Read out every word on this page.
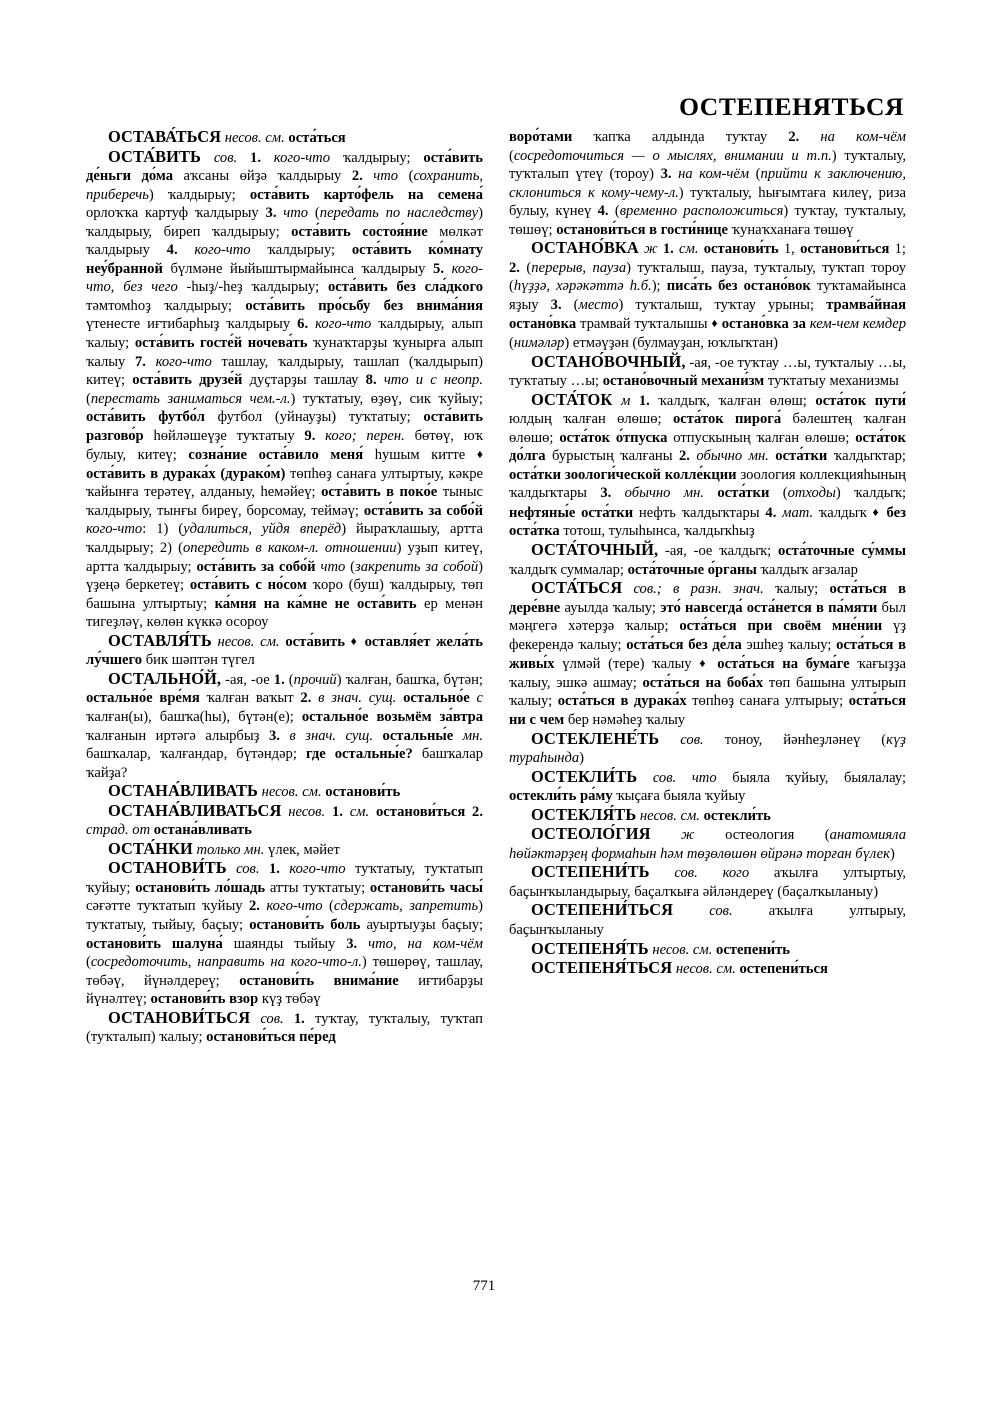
ОСТЕПЕНЯТЬСЯ

ОСТАВА́ТЬСЯ несов. см. оста́ться

ОСТА́ВИТЬ сов. 1. кого-что ҡалдырыу; оста́вить де́ньги до́ма аҡсаны өйҙә ҡалдырыу 2. что (сохранить, приберечь) ҡалдырыу; оста́вить карто́фель на семена́ орлоҡҡа картуф ҡалдырыу 3. что (передать по наследству) ҡалдырыу, биреп ҡалдырыу; оста́вить состоя́ние мөлкәт ҡалдырыу 4. кого-что ҡалдырыу; оста́вить ко́мнату неу́бранной бүлмәне йыйыштырмайынса ҡалдырыу 5. кого-что, без чего -һыҙ/-һеҙ ҡалдырыу; оста́вить без сла́дкого тәмтомһоҙ ҡалдырыу; оста́вить про́сьбу без внима́ния үтенесте иғтибарһыҙ ҡалдырыу 6. кого-что ҡалдырыу, алып ҡалыу; оста́вить госте́й ночева́ть ҡунаҡтарҙы ҡунырға алып ҡалыу 7. кого-что ташлау, ҡалдырыу, ташлап (ҡалдырып) китеү; оста́вить друзе́й дуҫтарҙы ташлау 8. что и с неопр. (перестать заниматься чем.-л.) туҡтатыу, өҙөү, сик ҡуйыу; оста́вить футбо́л футбол (уйнауҙы) туҡтатыу; оста́вить разгово́р һөйләшеүҙе туҡтатыу 9. кого; перен. бөтөү, юҡ булыу, китеү; созна́ние оста́вило меня́ һушым китте ♦ оста́вить в дурака́х (дурако́м) төпһөҙ санаға ултыртыу, кәкре ҡайынға терәтеү, алданыу, һемәйеү; оста́вить в поко́е тыныс ҡалдырыу, тынғы биреү, борсомау, теймәү; оста́вить за собо́й кого-что: 1) (удалиться, уйдя вперёд) йыраҡлашыу, артта ҡалдырыу; 2) (опередить в каком-л. отношении) уҙып китеү, артта ҡалдырыу; оста́вить за собо́й что (закрепить за собой) үҙеңә беркетеү; оста́вить с но́сом ҡоро (буш) ҡалдырыу, төп башына ултыртыу; ка́мня на ка́мне не оста́вить ер менән тигеҙләү, көлөн күккә осороу

ОСТАВЛЯ́ТЬ несов. см. оста́вить ♦ оставля́ет жела́ть лу́чшего бик шәптән түгел

ОСТАЛЬНО́Й, -ая, -ое 1. (прочий) ҡалған, башҡа, бүтән; остально́е вре́мя ҡалған ваҡыт 2. в знач. сущ. остально́е с ҡалған(ы), башҡа(һы), бүтән(е); остально́е возьмём за́втра ҡалғанын иртәгә алырбыҙ 3. в знач. сущ. остальны́е мн. башҡалар, ҡалғандар, бүтәндәр; где остальны́е? башҡалар ҡайҙа?

ОСТАНА́ВЛИВАТЬ несов. см. останови́ть

ОСТАНА́ВЛИВАТЬСЯ несов. 1. см. останови́ться 2. страд. от остана́вливать

ОСТА́НКИ только мн. үлек, мәйет

ОСТАНОВИ́ТЬ сов. 1. кого-что туҡтатыу, туҡтатып ҡуйыу; останови́ть ло́шадь атты туҡтатыу; останови́ть часы́ сәғәтте туҡтатып ҡуйыу 2. кого-что (сдержать, запретить) туҡтатыу, тыйыу, баҫыу; останови́ть боль ауыртыуҙы баҫыу; останови́ть шалуна́ шаянды тыйыу 3. что, на ком-чём (сосредоточить, направить на кого-что-л.) төшөрөү, ташлау, төбәү, йүнәлдереү; останови́ть внима́ние иғтибарҙы йүнәлтеү; останови́ть взор күҙ төбәү

ОСТАНОВИ́ТЬСЯ сов. 1. туҡтау, туҡталыу, туҡтап (туҡталып) ҡалыу; останови́ться пе́ред

воро́тами ҡапҡа алдында туҡтау 2. на ком-чём (сосредоточиться — о мыслях, внимании и т.п.) туҡталыу, туҡталып үтеү (тороу) 3. на ком-чём (прийти к заключению, склониться к кому-чему-л.) туҡталыу, һығымтаға килеү, риза булыу, күнеү 4. (временно расположиться) туҡтау, туҡталыу, төшөү; останови́ться в гости́нице ҡунаҡханаға төшөү

ОСТАНО́ВКА ж 1. см. останови́ть 1, останови́ться 1; 2. (перерыв, пауза) туҡталыш, пауза, туҡталыу, туҡтап тороу (һүҙҙә, хәрәкәттә һ.б.); писа́ть без остано́вок туҡтамайынса яҙыу 3. (место) туҡталыш, туҡтау урыны; трамва́йная остано́вка трамвай туҡталышы ♦ остано́вка за кем-чем кемдер (нимәләр) етмәүҙән (булмауҙан, юҡлыҡтан)

ОСТАНО́ВОЧНЫЙ, -ая, -ое туҡтау …ы, туҡталыу …ы, туҡтатыу …ы; остано́вочный механи́зм туҡтатыу механизмы

ОСТА́ТОК м 1. ҡалдыҡ, ҡалған өлөш; оста́ток пути́ юлдың ҡалған өлөшө; оста́ток пирога́ бәлештең ҡалған өлөшө; оста́ток о́тпуска отпускының ҡалған өлөшө; оста́ток до́лга бурыстың ҡалғаны 2. обычно мн. оста́тки ҡалдыҡтар; оста́тки зоологи́ческой колле́кции зоология коллекцияһының ҡалдыҡтары 3. обычно мн. оста́тки (отходы) ҡалдыҡ; нефтяны́е оста́тки нефть ҡалдыҡтары 4. мат. ҡалдыҡ ♦ без оста́тка тотош, тулыһынса, ҡалдыҡһыҙ

ОСТА́ТОЧНЫЙ, -ая, -ое ҡалдыҡ; оста́точные су́ммы ҡалдыҡ суммалар; оста́точные о́рганы ҡалдыҡ ағзалар

ОСТА́ТЬСЯ сов.; в разн. знач. ҡалыу; оста́ться в дере́вне ауылда ҡалыу; это́ навсегда́ оста́нется в па́мяти был мәңгегә хәтерҙә ҡалыр; оста́ться при своём мне́нии үҙ фекерендә ҡалыу; оста́ться без де́ла эшһеҙ ҡалыу; оста́ться в живы́х үлмәй (тере) ҡалыу ♦ оста́ться на бума́ге ҡағыҙҙа ҡалыу, эшкә ашмау; оста́ться на боба́х төп башына ултырып ҡалыу; оста́ться в дурака́х төпһөҙ санаға ултырыу; оста́ться ни с чем бер нәмәһеҙ ҡалыу

ОСТЕКЛЕНЕ́ТЬ сов. тоноу, йәнһеҙләнеү (күҙ тураһында)

ОСТЕКЛИ́ТЬ сов. что быяла ҡуйыу, быялалау; остекли́ть ра́му ҡыҫаға быяла ҡуйыу

ОСТЕКЛЯ́ТЬ несов. см. остекли́ть

ОСТЕОЛО́ГИЯ ж остеология (анатомияла һөйәктәрҙең формаһын һәм төҙөлөшөн өйрәнә торған бүлек)

ОСТЕПЕНИ́ТЬ сов. кого аҡылға ултыртыу, баҫынҡыландырыу, баҫалҡыға әйләндереү (баҫалҡыланыу)

ОСТЕПЕНИ́ТЬСЯ сов. аҡылға ултырыу, баҫынҡыланыу

ОСТЕПЕНЯ́ТЬ несов. см. остепени́ть

ОСТЕПЕНЯ́ТЬСЯ несов. см. остепени́ться

771
